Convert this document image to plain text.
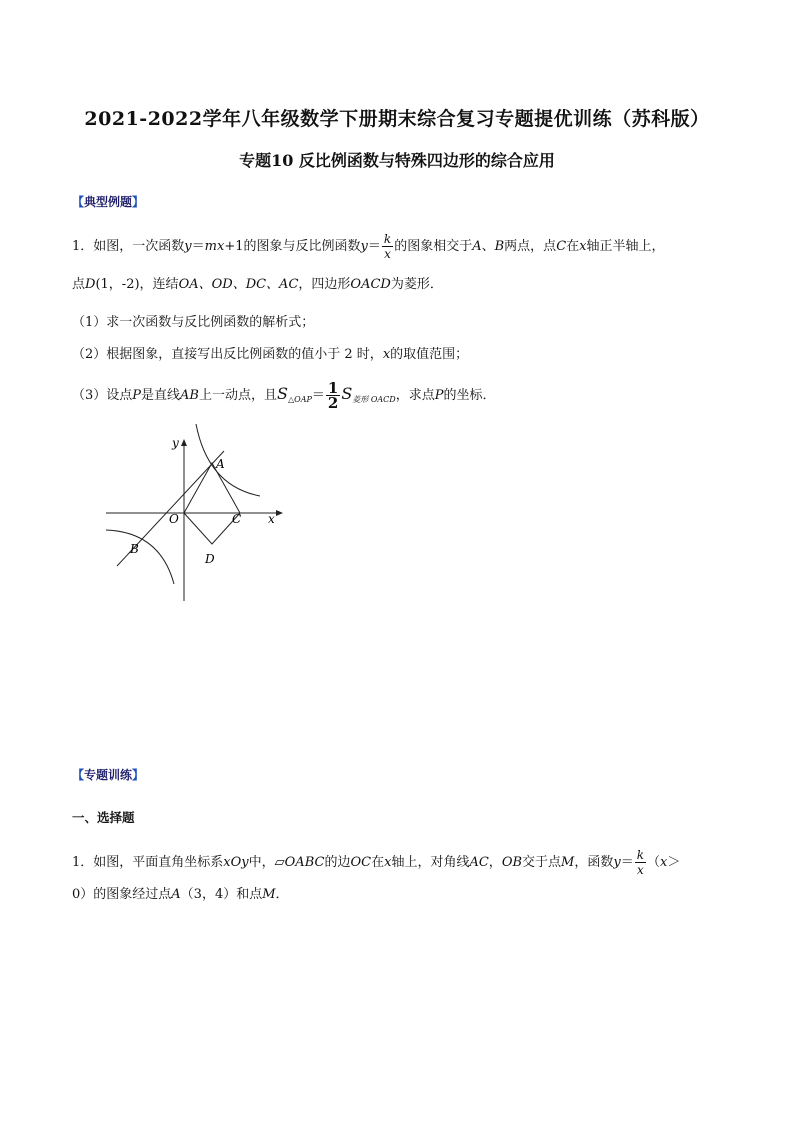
2021-2022学年八年级数学下册期末综合复习专题提优训练（苏科版）
专题10 反比例函数与特殊四边形的综合应用
【典型例题】
1．如图，一次函数y＝mx+1的图象与反比例函数$y= \frac{k}{x}$ 的图象相交于A、B两点，点C在x轴正半轴上，
点D(1，-2)，连结OA、OD、DC、AC，四边形OACD为菱形．
（1）求一次函数与反比例函数的解析式；
（2）根据图象，直接写出反比例函数的值小于 2 时，x的取值范围；
（3）设点P是直线AB上一动点，且$S_{\triangle OAP}= \frac{1}{2} S_{菱形 OACD}$，求点P的坐标．
y
x
O
A
B
C
D
【专题训练】
一、选择题
1．如图，平面直角坐标系xOy中，▱OABC的边OC在x轴上，对角线AC，OB交于点M，函数$y= \frac{k}{x} (x>$
0）的图象经过点A（3，4）和点M．
